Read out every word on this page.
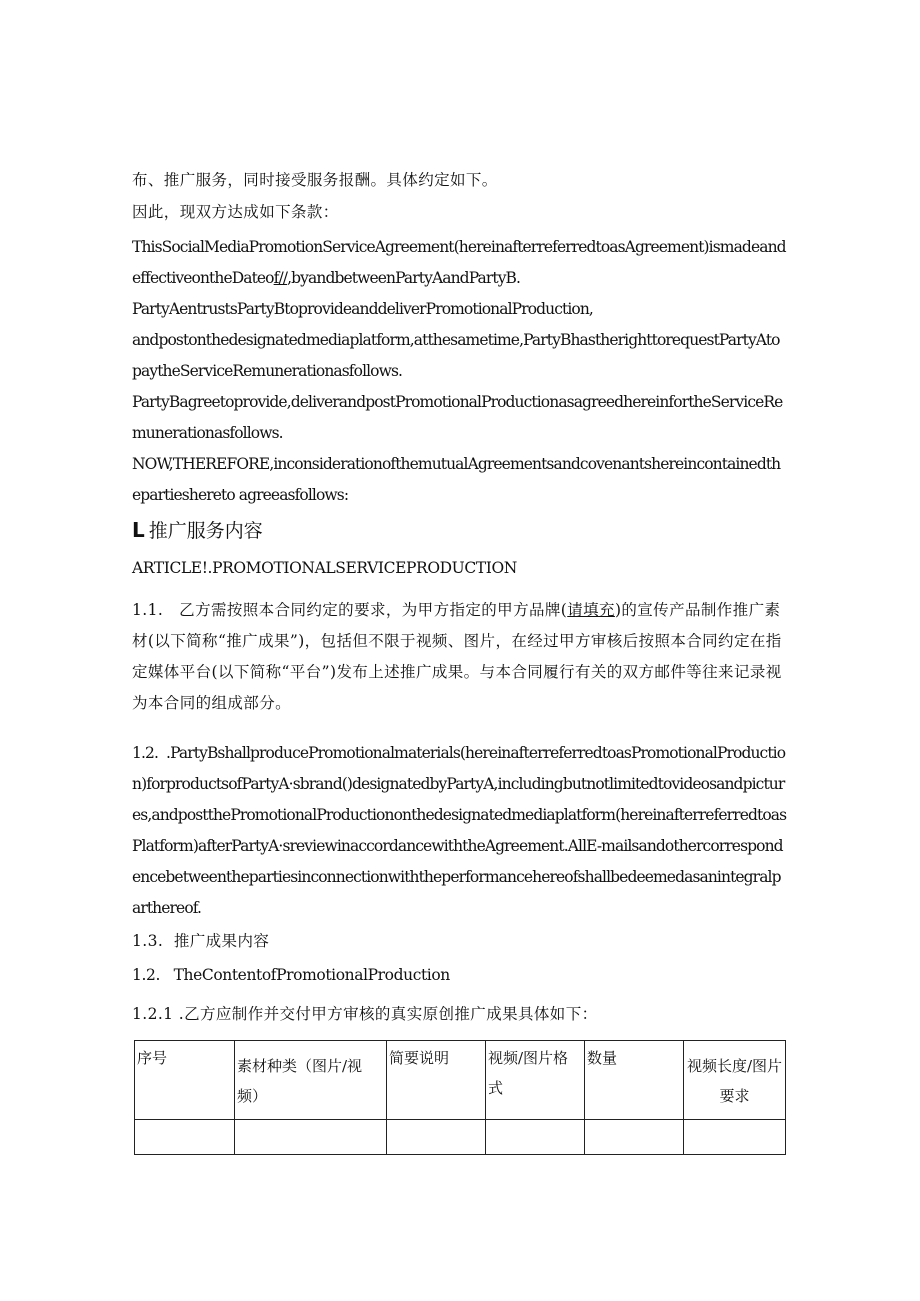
布、推广服务，同时接受服务报酬。具体约定如下。

因此，现双方达成如下条款：

ThisSocialMediaPromotionServiceAgreement(hereinafterreferredtoasAgreement)ismadeandeffectiveontheDateof//,byandbetweenPartyAandPartyB.

PartyAentrustsPartyBtoprovideanddeliverPromotionalProduction,

andpostonthedesignatedmediaplatform,atthesametime,PartyBhastherighttorequestPartyAtopaytheServiceRemunerationasfollows.

PartyBagreetoprovide,deliverandpostPromotionalProductionasagreedhereinfortheServiceRemunerationasfollows.

NOW,THEREFORE,inconsiderationofthemutualAgreementsandcovenantshereincontainedthepartieshereto agreeasfollows:

L 推广服务内容

ARTICLE!.PROMOTIONALSERVICEPRODUCTION

1.1. 乙方需按照本合同约定的要求，为甲方指定的甲方品牌(请填充)的宣传产品制作推广素材(以下简称“推广成果”)，包括但不限于视频、图片，在经过甲方审核后按照本合同约定在指定媒体平台(以下简称“平台”)发布上述推广成果。与本合同履行有关的双方邮件等往来记录视为本合同的组成部分。

1.2. .PartyBshallproducePromotionalmaterials(hereinafterreferredtoasPromotionalProduction)forproductsofPartyA·sbrand()designatedbyPartyA,includingbutnotlimitedtovideosandpictures,andpostthePromotionalProductiononthedesignatedmediaplatform(hereinafterreferredtoasPlatform)afterPartyA·sreviewinaccordancewiththeAgreement.AllE-mailsandothercorrespondencebetweenthepartiesinconnectionwiththeperformancehereofshallbedeemedasanintegralparthereof.

1.3. 推广成果内容

1.2. TheContentofPromotionalProduction

1.2.1 .乙方应制作并交付甲方审核的真实原创推广成果具体如下：

序号	素材种类（图片/视频）	简要说明	视频/图片格式	数量	视频长度/图片要求
